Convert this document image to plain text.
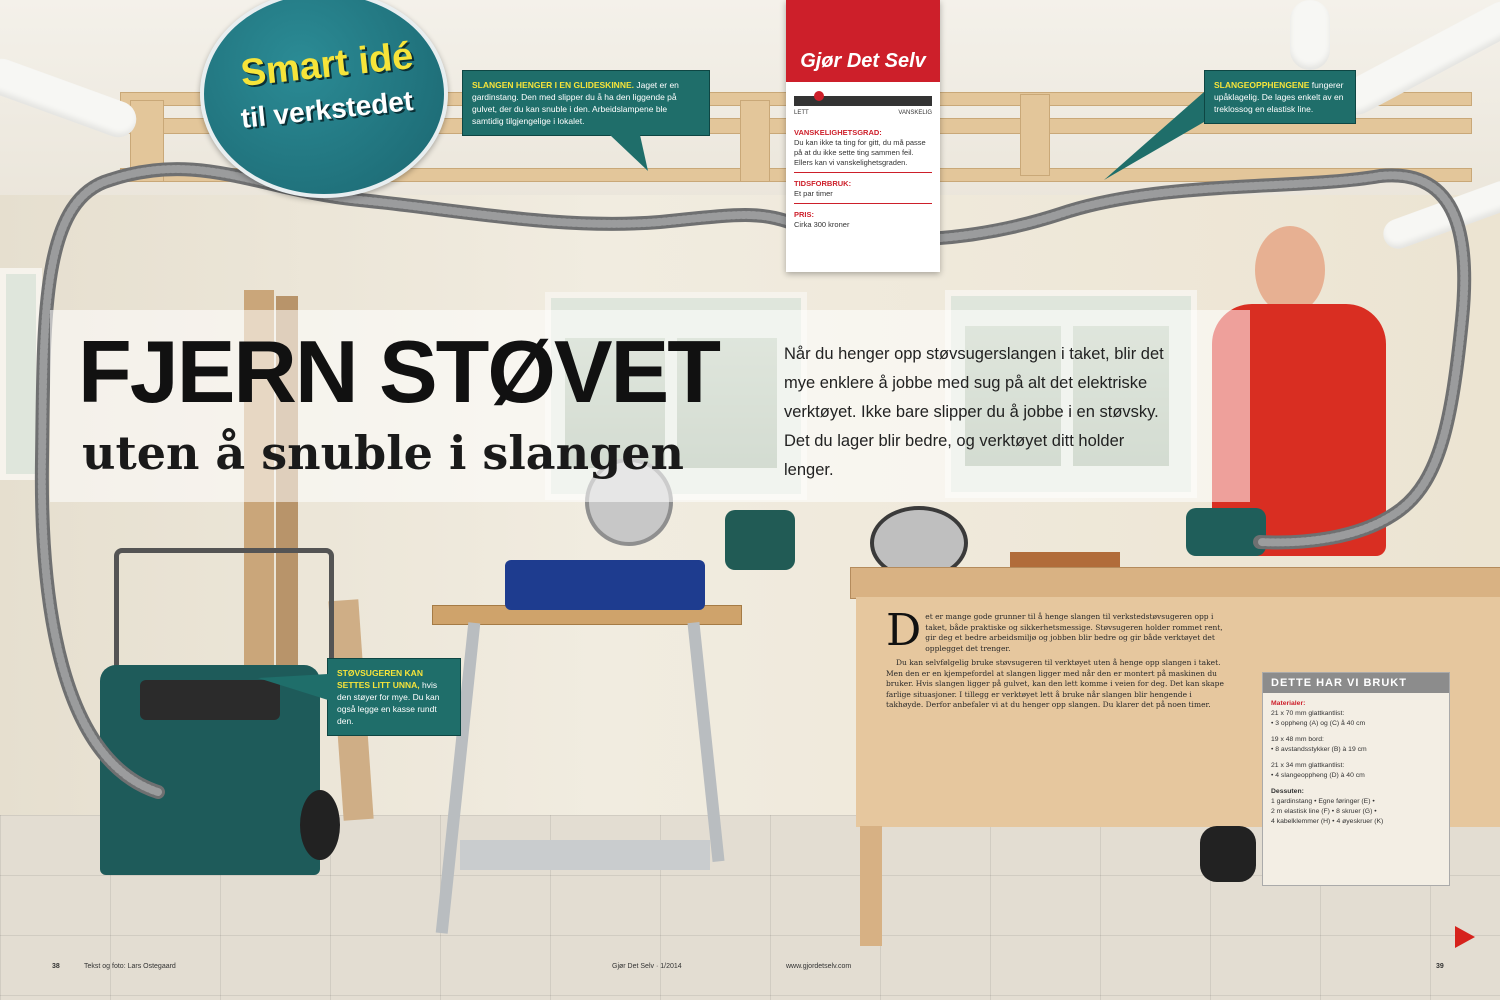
FJERN STØVET
uten å snuble i slangen
Når du henger opp støvsugerslangen i taket, blir det mye enklere å jobbe med sug på alt det elektriske verktøyet. Ikke bare slipper du å jobbe i en støvsky. Det du lager blir bedre, og verktøyet ditt holder lenger.
Smart idé
til verkstedet
SLANGEN HENGER I EN GLIDESKINNE. Jaget er en gardinstang. Den med slipper du å ha den liggende på gulvet, der du kan snuble i den. Arbeidslampene ble samtidig tilgjengelige i lokalet.
SLANGEOPPHENGENE fungerer upåklagelig. De lages enkelt av en treklossog en elastisk line.
STØVSUGEREN KAN SETTES LITT UNNA, hvis den støyer for mye. Du kan også legge en kasse rundt den.
Gjør Det Selv
LETT	VANSKELIG
VANSKELIGHETSGRAD:
Du kan ikke ta ting for gitt, du må passe på at du ikke sette ting sammen feil. Ellers kan vi vanskelighetsgraden.
TIDSFORBRUK:
Et par timer
PRIS:
Cirka 300 kroner
Det er mange gode grunner til å henge slangen til verkstedstøvsugeren opp i taket, både praktiske og sikkerhetsmessige. Støvsugeren holder rommet rent, gir deg et bedre arbeidsmiljø og jobben blir bedre og gir både verktøyet det opplegget det trenger.
Du kan selvfølgelig bruke støvsugeren til verktøyet uten å henge opp slangen i taket. Men den er en kjempefordel at slangen ligger med når den er montert på maskinen du bruker. Hvis slangen ligger på gulvet, kan den lett komme i veien for deg. Det kan skape farlige situasjoner. I tillegg er verktøyet lett å bruke når slangen blir hengende i takhøyde. Derfor anbefaler vi at du henger opp slangen. Du klarer det på noen timer.
DETTE HAR VI BRUKT
Materialer:
21 x 70 mm glattkantlist:
• 3 oppheng (A) og (C) å 40 cm
19 x 48 mm bord:
• 8 avstandsstykker (B) à 19 cm
21 x 34 mm glattkantlist:
• 4 slangeoppheng (D) à 40 cm
Dessuten:
1 gardinstang • Egne føringer (E) •
2 m elastisk line (F) • 8 skruer (G) •
4 kabelklemmer (H) • 4 øyeskruer (K)
38	Tekst og foto: Lars Ostegaard	Gjør Det Selv · 1/2014	www.gjordetselv.com	39
